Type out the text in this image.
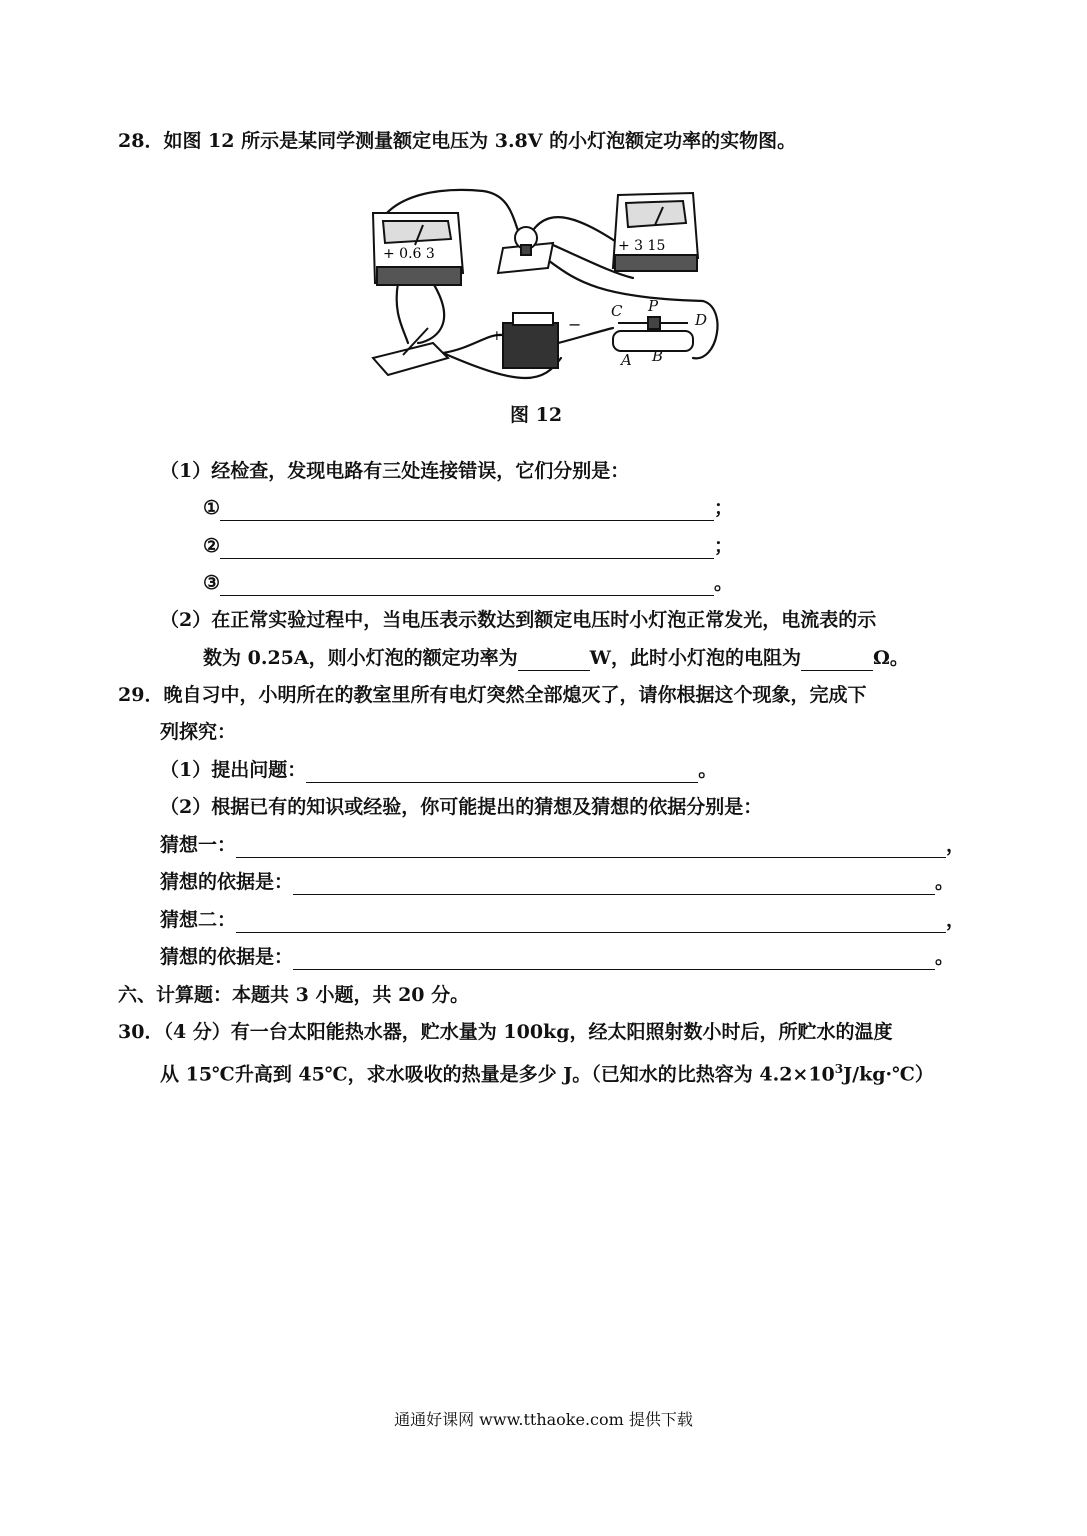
28．如图 12 所示是某同学测量额定电压为 3.8V 的小灯泡额定功率的实物图。
+ 0.6 3	+ 3 15
+
−
C P
D
A B
图 12
（1）经检查，发现电路有三处连接错误，它们分别是：
①	；
②	；
③	。
（2）在正常实验过程中，当电压表示数达到额定电压时小灯泡正常发光，电流表的示
数为 0.25A，则小灯泡的额定功率为	W，此时小灯泡的电阻为	Ω。
29．晚自习中，小明所在的教室里所有电灯突然全部熄灭了，请你根据这个现象，完成下
列探究：
（1）提出问题：	。
（2）根据已有的知识或经验，你可能提出的猜想及猜想的依据分别是：
猜想一：	，
猜想的依据是：	。
猜想二：	，
猜想的依据是：	。
六、计算题：本题共 3 小题，共 20 分。
30．（4 分）有一台太阳能热水器，贮水量为 100kg，经太阳照射数小时后，所贮水的温度
从 15℃升高到 45℃，求水吸收的热量是多少 J。（已知水的比热容为 $4.2\times 10^3J/kg\cdot℃$）
通通好课网 www.tthaoke.com 提供下载
